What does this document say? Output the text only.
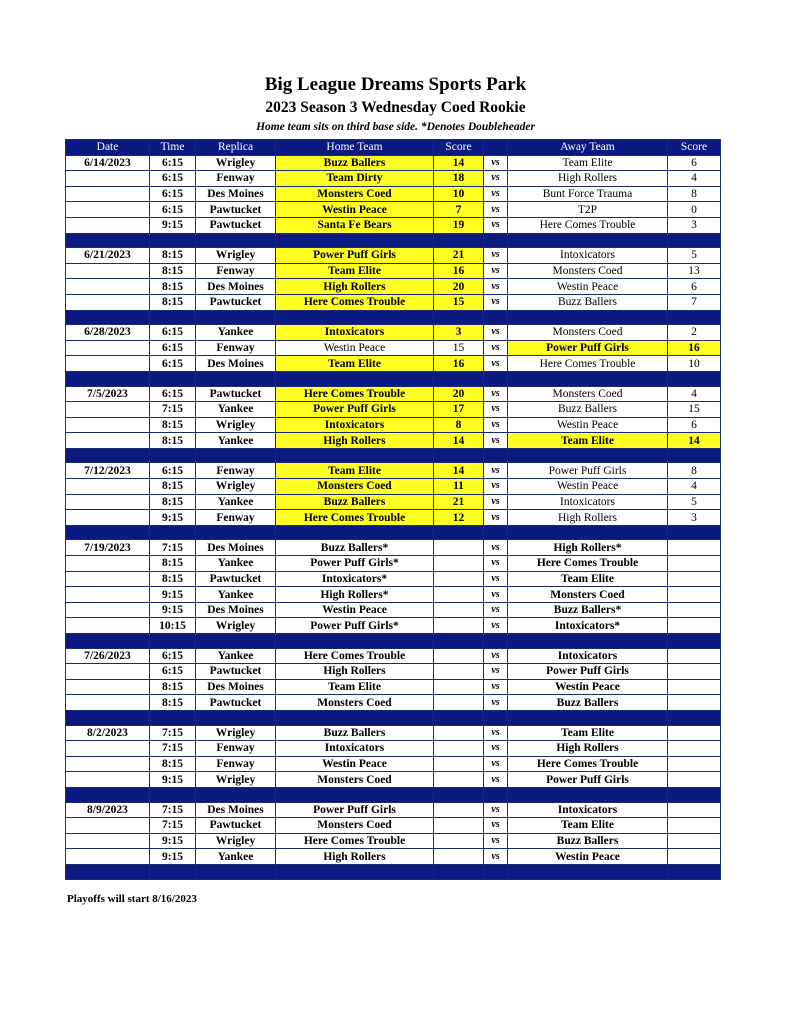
Big League Dreams Sports Park
2023 Season 3 Wednesday Coed Rookie
Home team sits on third base side. *Denotes Doubleheader
Date	Time	Replica	Home Team	Score		Away Team	Score
6/14/2023	6:15	Wrigley	Buzz Ballers	14	vs	Team Elite	6
	6:15	Fenway	Team Dirty	18	vs	High Rollers	4
	6:15	Des Moines	Monsters Coed	10	vs	Bunt Force Trauma	8
	6:15	Pawtucket	Westin Peace	7	vs	T2P	0
	9:15	Pawtucket	Santa Fe Bears	19	vs	Here Comes Trouble	3

6/21/2023	8:15	Wrigley	Power Puff Girls	21	vs	Intoxicators	5
	8:15	Fenway	Team Elite	16	vs	Monsters Coed	13
	8:15	Des Moines	High Rollers	20	vs	Westin Peace	6
	8:15	Pawtucket	Here Comes Trouble	15	vs	Buzz Ballers	7

6/28/2023	6:15	Yankee	Intoxicators	3	vs	Monsters Coed	2
	6:15	Fenway	Westin Peace	15	vs	Power Puff Girls	16
	6:15	Des Moines	Team Elite	16	vs	Here Comes Trouble	10

7/5/2023	6:15	Pawtucket	Here Comes Trouble	20	vs	Monsters Coed	4
	7:15	Yankee	Power Puff Girls	17	vs	Buzz Ballers	15
	8:15	Wrigley	Intoxicators	8	vs	Westin Peace	6
	8:15	Yankee	High Rollers	14	vs	Team Elite	14

7/12/2023	6:15	Fenway	Team Elite	14	vs	Power Puff Girls	8
	8:15	Wrigley	Monsters Coed	11	vs	Westin Peace	4
	8:15	Yankee	Buzz Ballers	21	vs	Intoxicators	5
	9:15	Fenway	Here Comes Trouble	12	vs	High Rollers	3

7/19/2023	7:15	Des Moines	Buzz Ballers*		vs	High Rollers*	
	8:15	Yankee	Power Puff Girls*		vs	Here Comes Trouble	
	8:15	Pawtucket	Intoxicators*		vs	Team Elite	
	9:15	Yankee	High Rollers*		vs	Monsters Coed	
	9:15	Des Moines	Westin Peace		vs	Buzz Ballers*	
	10:15	Wrigley	Power Puff Girls*		vs	Intoxicators*	

7/26/2023	6:15	Yankee	Here Comes Trouble		vs	Intoxicators	
	6:15	Pawtucket	High Rollers		vs	Power Puff Girls	
	8:15	Des Moines	Team Elite		vs	Westin Peace	
	8:15	Pawtucket	Monsters Coed		vs	Buzz Ballers	

8/2/2023	7:15	Wrigley	Buzz Ballers		vs	Team Elite	
	7:15	Fenway	Intoxicators		vs	High Rollers	
	8:15	Fenway	Westin Peace		vs	Here Comes Trouble	
	9:15	Wrigley	Monsters Coed		vs	Power Puff Girls	

8/9/2023	7:15	Des Moines	Power Puff Girls		vs	Intoxicators	
	7:15	Pawtucket	Monsters Coed		vs	Team Elite	
	9:15	Wrigley	Here Comes Trouble		vs	Buzz Ballers	
	9:15	Yankee	High Rollers		vs	Westin Peace	

Playoffs will start 8/16/2023
